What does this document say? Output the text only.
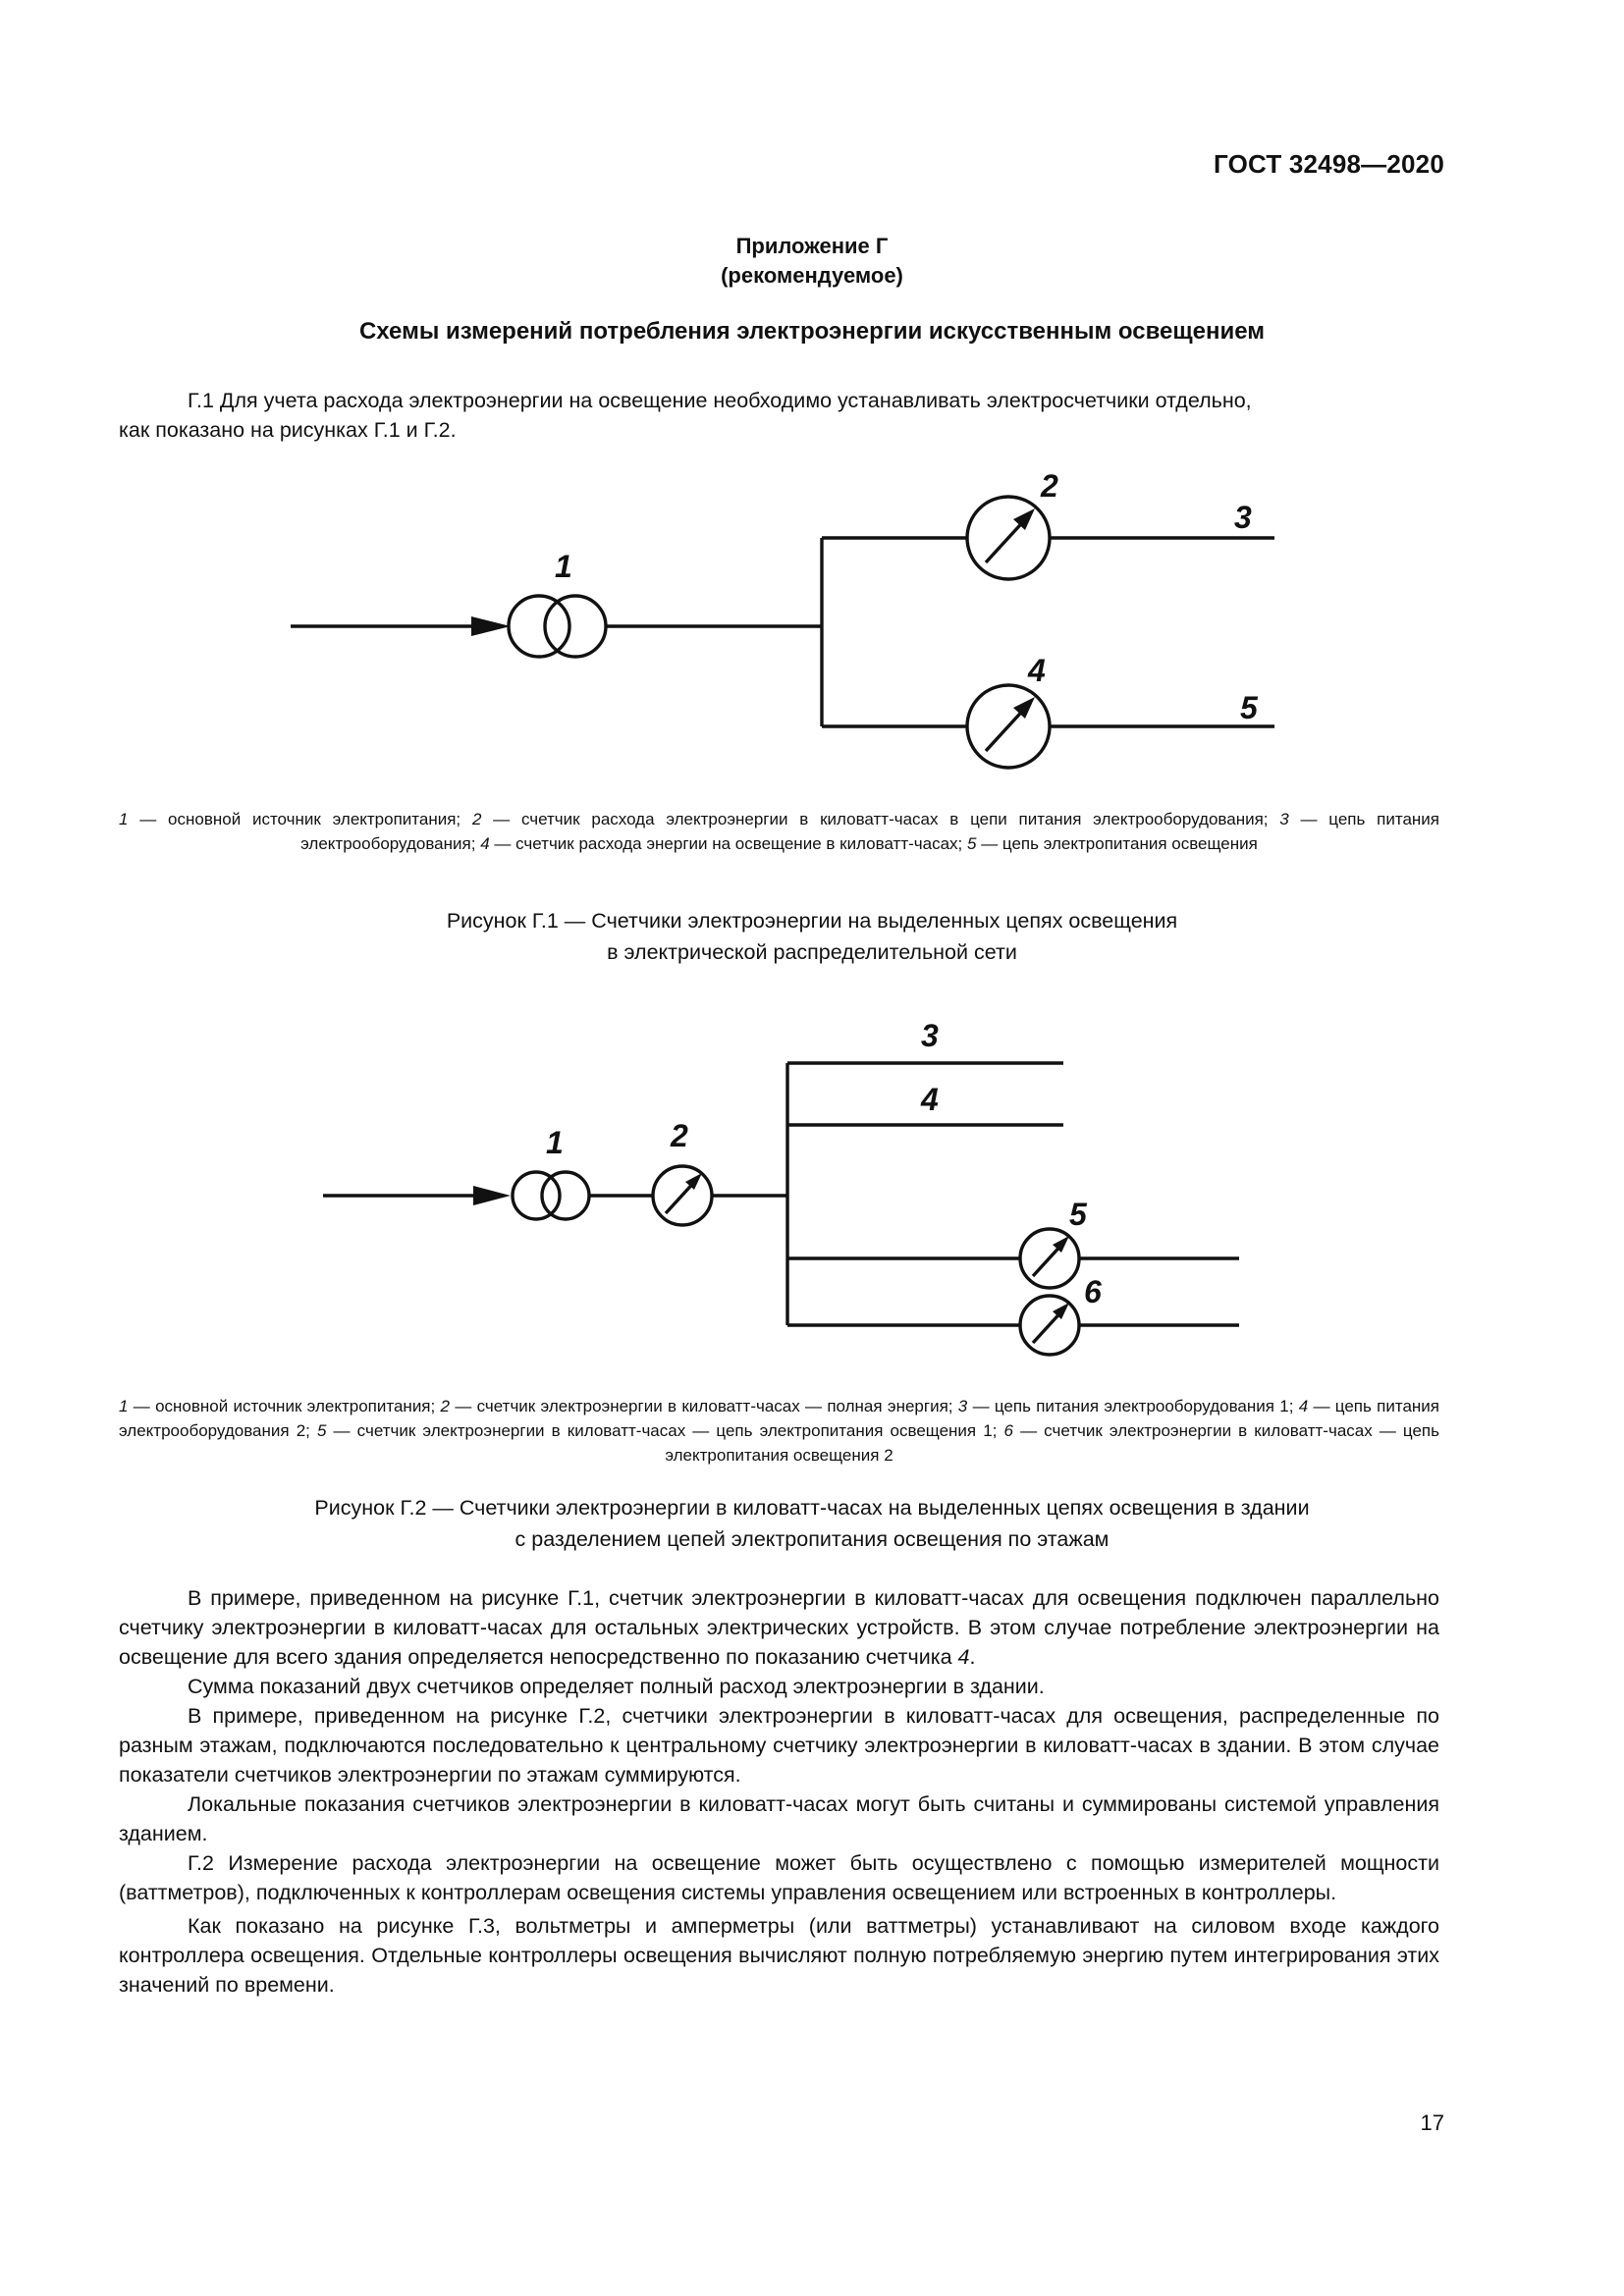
ГОСТ 32498—2020
Приложение Г
(рекомендуемое)
Схемы измерений потребления электроэнергии искусственным освещением
Г.1 Для учета расхода электроэнергии на освещение необходимо устанавливать электросчетчики отдельно,
как показано на рисунках Г.1 и Г.2.
1
2
3
4
5
1	2
3
4
5
6
1 — основной источник электропитания; 2 — счетчик расхода электроэнергии в киловатт-часах в цепи питания электрооборудования; 3 — цепь питания электрооборудования; 4 — счетчик расхода энергии на освещение в киловатт-часах; 5 — цепь электропитания освещения
Рисунок Г.1 — Счетчики электроэнергии на выделенных цепях освещения
в электрической распределительной сети
1 — основной источник электропитания; 2 — счетчик электроэнергии в киловатт-часах — полная энергия; 3 — цепь питания электрооборудования 1; 4 — цепь питания электрооборудования 2; 5 — счетчик электроэнергии в киловатт-часах — цепь электропитания освещения 1; 6 — счетчик электроэнергии в киловатт-часах — цепь электропитания освещения 2
Рисунок Г.2 — Счетчики электроэнергии в киловатт-часах на выделенных цепях освещения в здании
с разделением цепей электропитания освещения по этажам

В примере, приведенном на рисунке Г.1, счетчик электроэнергии в киловатт-часах для освещения подключен параллельно счетчику электроэнергии в киловатт-часах для остальных электрических устройств. В этом случае потребление электроэнергии на освещение для всего здания определяется непосредственно по показанию счетчика 4.

Сумма показаний двух счетчиков определяет полный расход электроэнергии в здании.

В примере, приведенном на рисунке Г.2, счетчики электроэнергии в киловатт-часах для освещения, распределенные по разным этажам, подключаются последовательно к центральному счетчику электроэнергии в киловатт-часах в здании. В этом случае показатели счетчиков электроэнергии по этажам суммируются.

Локальные показания счетчиков электроэнергии в киловатт-часах могут быть считаны и суммированы системой управления зданием.

Г.2 Измерение расхода электроэнергии на освещение может быть осуществлено с помощью измерителей мощности (ваттметров), подключенных к контроллерам освещения системы управления освещением или встроенных в контроллеры.

Как показано на рисунке Г.3, вольтметры и амперметры (или ваттметры) устанавливают на силовом входе каждого контроллера освещения. Отдельные контроллеры освещения вычисляют полную потребляемую энергию путем интегрирования этих значений по времени.

17
